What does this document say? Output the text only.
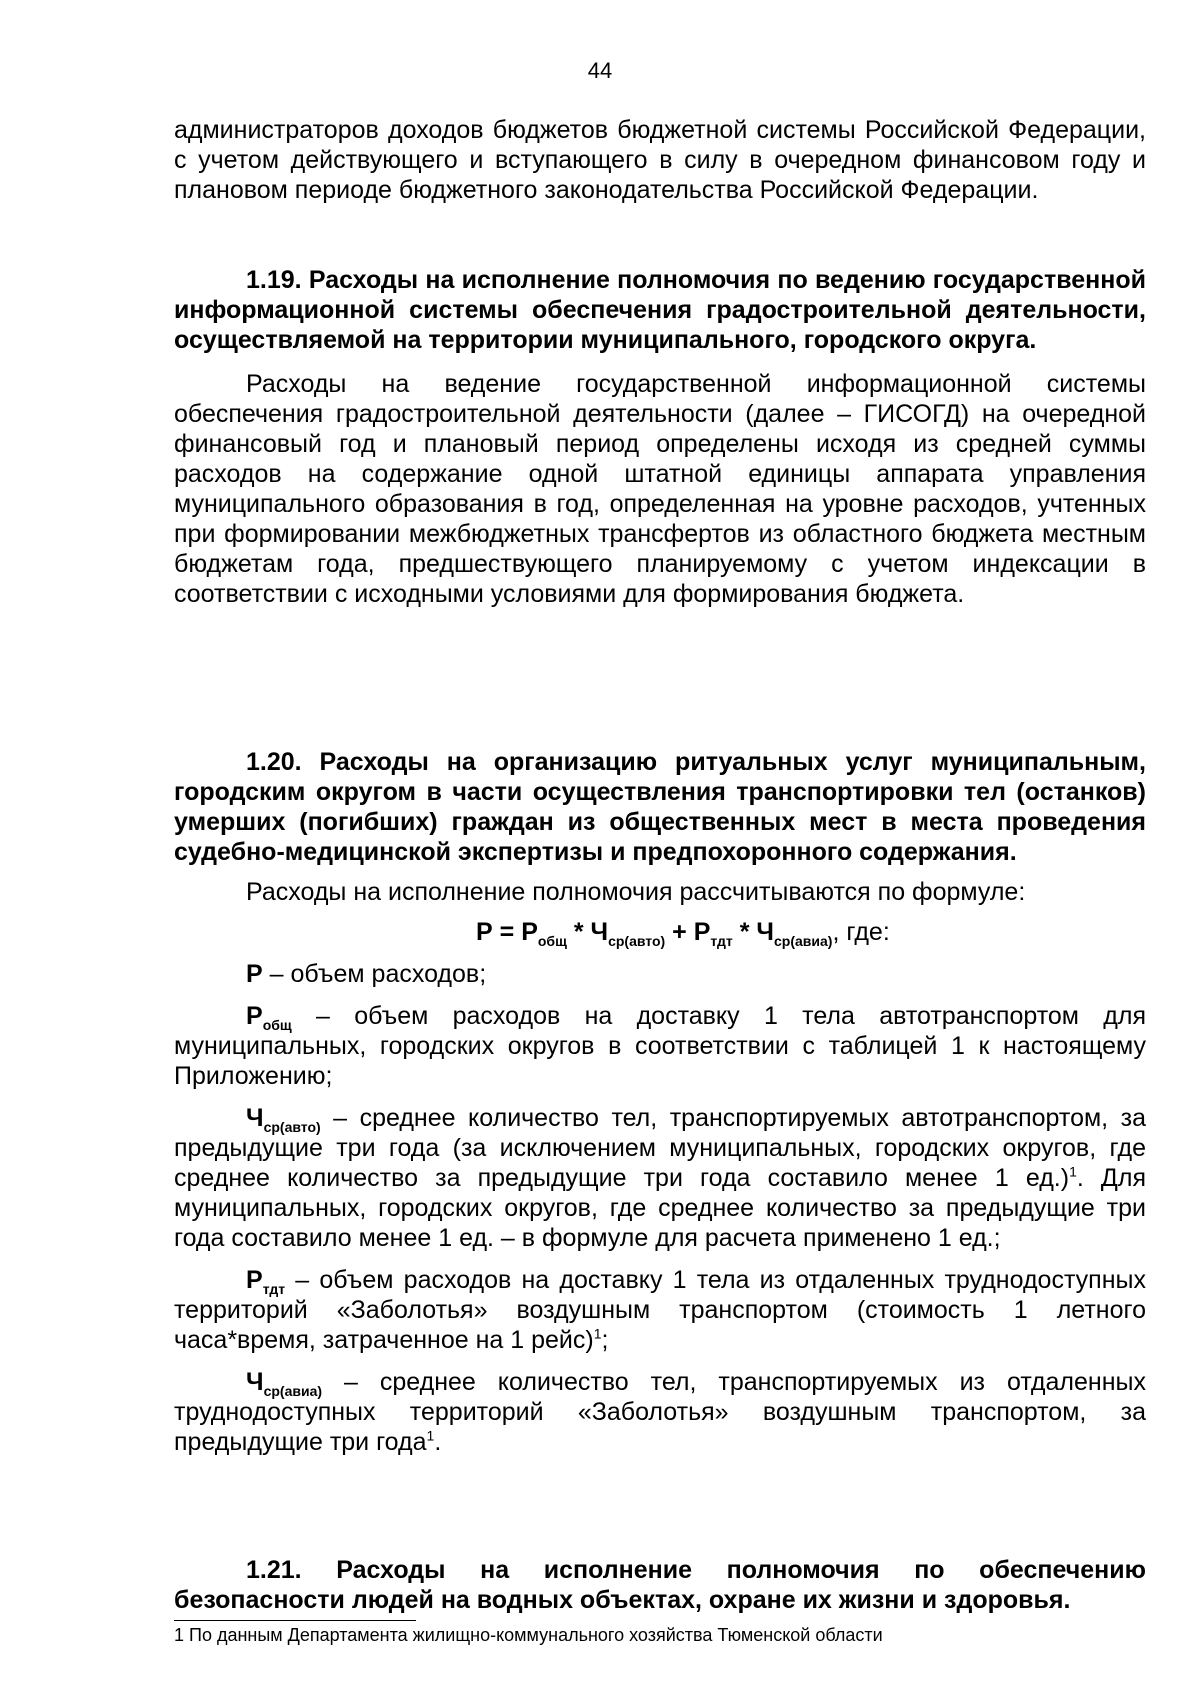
44

администраторов доходов бюджетов бюджетной системы Российской Федерации, с учетом действующего и вступающего в силу в очередном финансовом году и плановом периоде бюджетного законодательства Российской Федерации.

1.19. Расходы на исполнение полномочия по ведению государственной информационной системы обеспечения градостроительной деятельности, осуществляемой на территории муниципального, городского округа.

Расходы на ведение государственной информационной системы обеспечения градостроительной деятельности (далее – ГИСОГД) на очередной финансовый год и плановый период определены исходя из средней суммы расходов на содержание одной штатной единицы аппарата управления муниципального образования в год, определенная на уровне расходов, учтенных при формировании межбюджетных трансфертов из областного бюджета местным бюджетам года, предшествующего планируемому с учетом индексации в соответствии с исходными условиями для формирования бюджета.

1.20. Расходы на организацию ритуальных услуг муниципальным, городским округом в части осуществления транспортировки тел (останков) умерших (погибших) граждан из общественных мест в места проведения судебно-медицинской экспертизы и предпохоронного содержания.

Расходы на исполнение полномочия рассчитываются по формуле:

$Р = Р_{общ} * Ч_{ср(авто)} + Р_{тдт} * Ч_{ср(авиа)}$, где:

Р – объем расходов;

$Р_{общ}$ – объем расходов на доставку 1 тела автотранспортом для муниципальных, городских округов в соответствии с таблицей 1 к настоящему Приложению;

$Ч_{ср(авто)}$ – среднее количество тел, транспортируемых автотранспортом, за предыдущие три года (за исключением муниципальных, городских округов, где среднее количество за предыдущие три года составило менее 1 ед.)$^1$. Для муниципальных, городских округов, где среднее количество за предыдущие три года составило менее 1 ед. – в формуле для расчета применено 1 ед.;

$Р_{тдт}$ – объем расходов на доставку 1 тела из отдаленных труднодоступных территорий «Заболотья» воздушным транспортом (стоимость 1 летного часа*время, затраченное на 1 рейс)$^1$;

$Ч_{ср(авиа)}$ – среднее количество тел, транспортируемых из отдаленных труднодоступных территорий «Заболотья» воздушным транспортом, за предыдущие три года$^1$.

1.21. Расходы на исполнение полномочия по обеспечению безопасности людей на водных объектах, охране их жизни и здоровья.

1 По данным Департамента жилищно-коммунального хозяйства Тюменской области
